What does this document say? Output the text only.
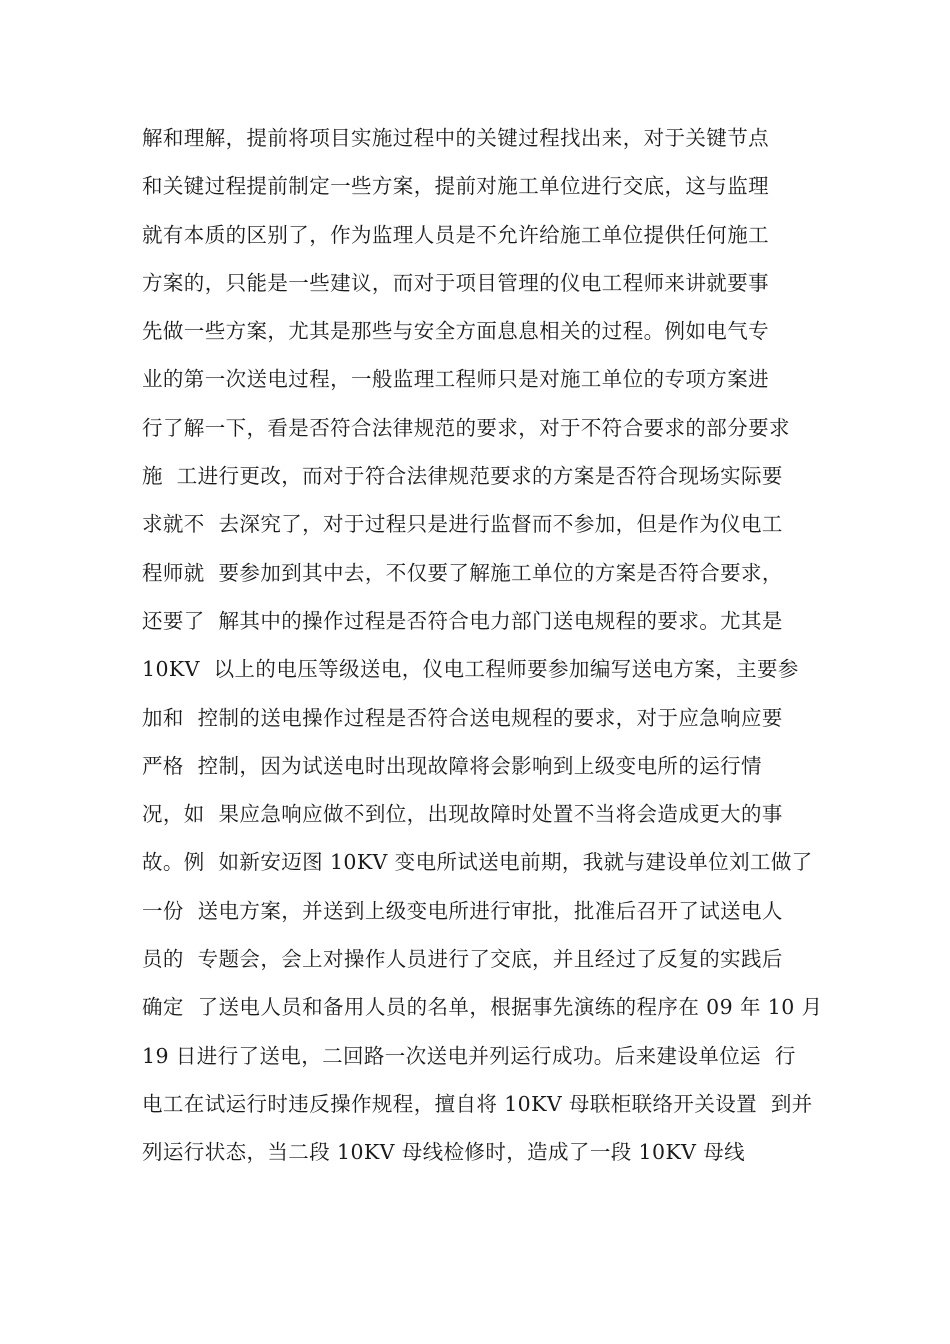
解和理解，提前将项目实施过程中的关键过程找出来，对于关键节点
和关键过程提前制定一些方案，提前对施工单位进行交底，这与监理
就有本质的区别了，作为监理人员是不允许给施工单位提供任何施工
方案的，只能是一些建议，而对于项目管理的仪电工程师来讲就要事
先做一些方案，尤其是那些与安全方面息息相关的过程。例如电气专
业的第一次送电过程，一般监理工程师只是对施工单位的专项方案进
行了解一下，看是否符合法律规范的要求，对于不符合要求的部分要求
施  工进行更改，而对于符合法律规范要求的方案是否符合现场实际要
求就不  去深究了，对于过程只是进行监督而不参加，但是作为仪电工
程师就  要参加到其中去，不仅要了解施工单位的方案是否符合要求，
还要了  解其中的操作过程是否符合电力部门送电规程的要求。尤其是
10KV  以上的电压等级送电，仪电工程师要参加编写送电方案，主要参
加和  控制的送电操作过程是否符合送电规程的要求，对于应急响应要
严格  控制，因为试送电时出现故障将会影响到上级变电所的运行情
况，如  果应急响应做不到位，出现故障时处置不当将会造成更大的事
故。例  如新安迈图 10KV 变电所试送电前期，我就与建设单位刘工做了
一份  送电方案，并送到上级变电所进行审批，批准后召开了试送电人
员的  专题会，会上对操作人员进行了交底，并且经过了反复的实践后
确定  了送电人员和备用人员的名单，根据事先演练的程序在 09 年 10 月
19 日进行了送电，二回路一次送电并列运行成功。后来建设单位运  行
电工在试运行时违反操作规程，擅自将 10KV 母联柜联络开关设置  到并
列运行状态，当二段 10KV 母线检修时，造成了一段 10KV 母线
